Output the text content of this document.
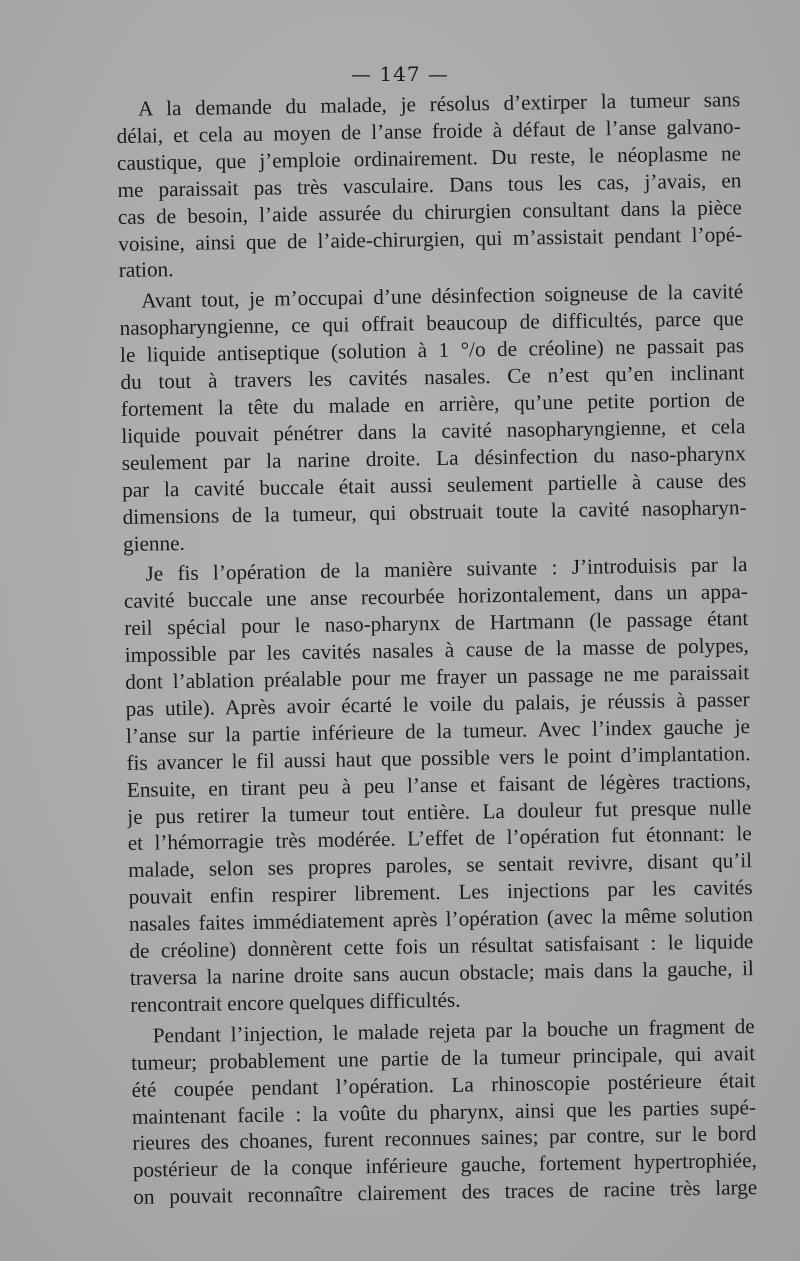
— 147 —

A la demande du malade, je résolus d’extirper la tumeur sans
délai, et cela au moyen de l’anse froide à défaut de l’anse galvano-
caustique, que j’emploie ordinairement. Du reste, le néoplasme ne
me paraissait pas très vasculaire. Dans tous les cas, j’avais, en
cas de besoin, l’aide assurée du chirurgien consultant dans la pièce
voisine, ainsi que de l’aide-chirurgien, qui m’assistait pendant l’opé-
ration.

Avant tout, je m’occupai d’une désinfection soigneuse de la cavité
nasopharyngienne, ce qui offrait beaucoup de difficultés, parce que
le liquide antiseptique (solution à 1 °/o de créoline) ne passait pas
du tout à travers les cavités nasales. Ce n’est qu’en inclinant
fortement la tête du malade en arrière, qu’une petite portion de
liquide pouvait pénétrer dans la cavité nasopharyngienne, et cela
seulement par la narine droite. La désinfection du naso-pharynx
par la cavité buccale était aussi seulement partielle à cause des
dimensions de la tumeur, qui obstruait toute la cavité nasopharyn-
gienne.

Je fis l’opération de la manière suivante : J’introduisis par la
cavité buccale une anse recourbée horizontalement, dans un appa-
reil spécial pour le naso-pharynx de Hartmann (le passage étant
impossible par les cavités nasales à cause de la masse de polypes,
dont l’ablation préalable pour me frayer un passage ne me paraissait
pas utile). Après avoir écarté le voile du palais, je réussis à passer
l’anse sur la partie inférieure de la tumeur. Avec l’index gauche je
fis avancer le fil aussi haut que possible vers le point d’implantation.
Ensuite, en tirant peu à peu l’anse et faisant de légères tractions,
je pus retirer la tumeur tout entière. La douleur fut presque nulle
et l’hémorragie très modérée. L’effet de l’opération fut étonnant: le
malade, selon ses propres paroles, se sentait revivre, disant qu’il
pouvait enfin respirer librement. Les injections par les cavités
nasales faites immédiatement après l’opération (avec la même solution
de créoline) donnèrent cette fois un résultat satisfaisant : le liquide
traversa la narine droite sans aucun obstacle; mais dans la gauche, il
rencontrait encore quelques difficultés.

Pendant l’injection, le malade rejeta par la bouche un fragment de
tumeur; probablement une partie de la tumeur principale, qui avait
été coupée pendant l’opération. La rhinoscopie postérieure était
maintenant facile : la voûte du pharynx, ainsi que les parties supé-
rieures des choanes, furent reconnues saines; par contre, sur le bord
postérieur de la conque inférieure gauche, fortement hypertrophiée,
on pouvait reconnaître clairement des traces de racine très large
